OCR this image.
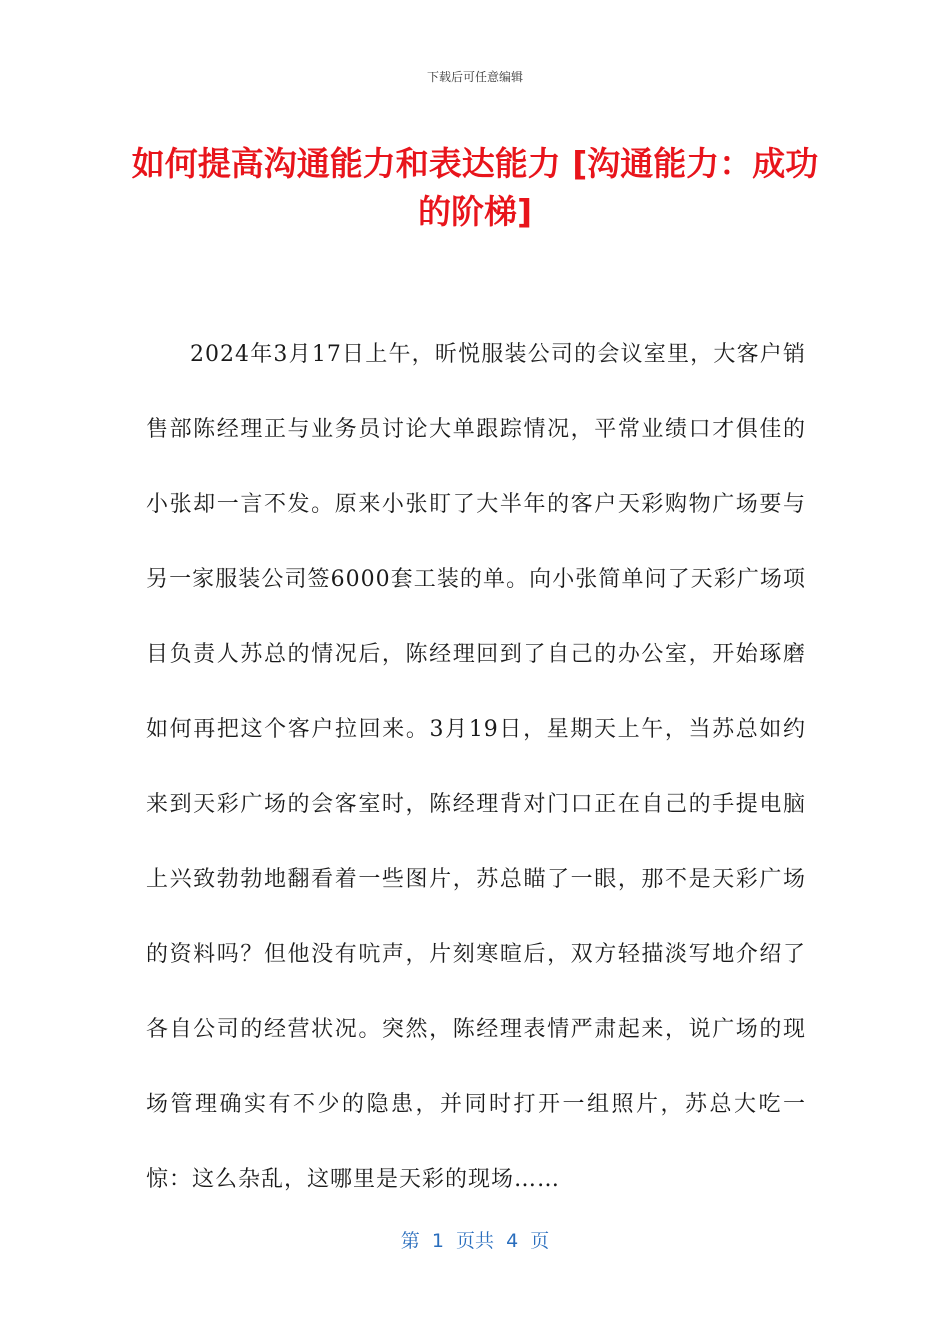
下载后可任意编辑
如何提高沟通能力和表达能力 [沟通能力：成功的阶梯]

2024年3月17日上午，昕悦服装公司的会议室里，大客户销售部陈经理正与业务员讨论大单跟踪情况，平常业绩口才俱佳的小张却一言不发。原来小张盯了大半年的客户天彩购物广场要与另一家服装公司签6000套工装的单。向小张简单问了天彩广场项目负责人苏总的情况后，陈经理回到了自己的办公室，开始琢磨如何再把这个客户拉回来。3月19日，星期天上午，当苏总如约来到天彩广场的会客室时，陈经理背对门口正在自己的手提电脑上兴致勃勃地翻看着一些图片，苏总瞄了一眼，那不是天彩广场的资料吗？但他没有吭声，片刻寒暄后，双方轻描淡写地介绍了各自公司的经营状况。突然，陈经理表情严肃起来，说广场的现场管理确实有不少的隐患，并同时打开一组照片，苏总大吃一惊：这么杂乱，这哪里是天彩的现场……

第  1  页共  4  页
